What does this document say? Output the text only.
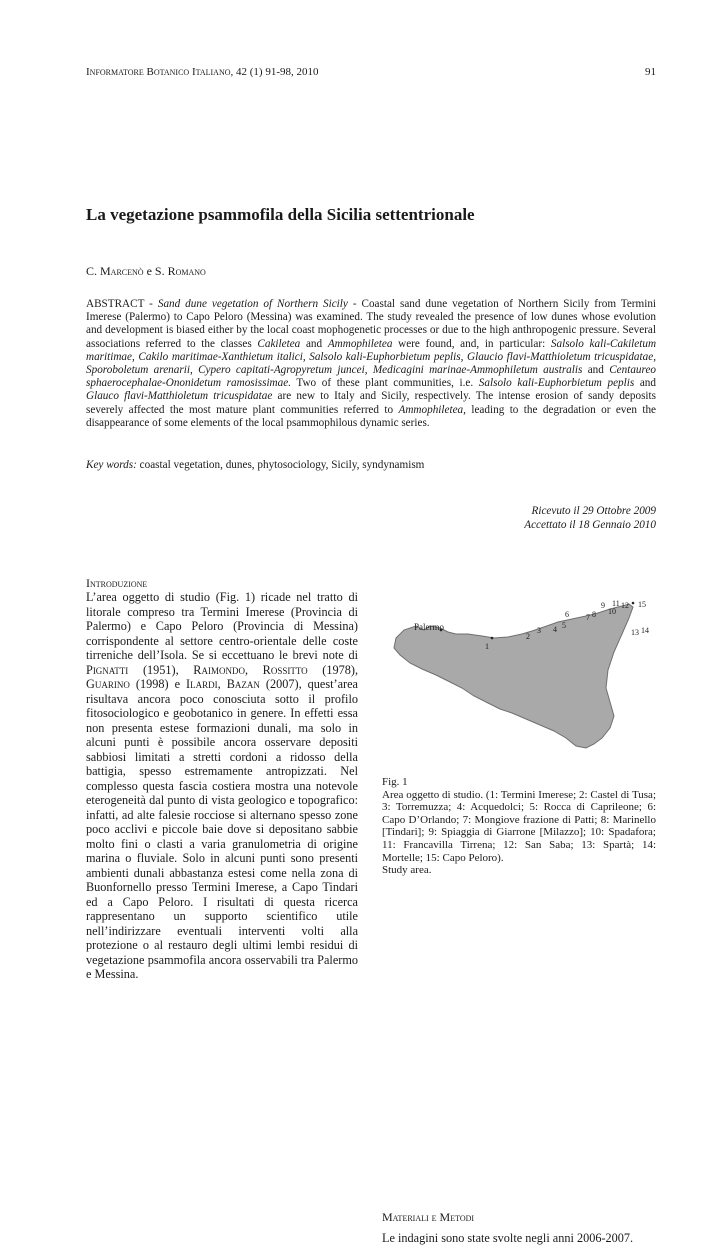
Informatore Botanico Italiano, 42 (1) 91-98, 2010	91
La vegetazione psammofila della Sicilia settentrionale
C. Marcenò e S. Romano
ABSTRACT - Sand dune vegetation of Northern Sicily - Coastal sand dune vegetation of Northern Sicily from Termini Imerese (Palermo) to Capo Peloro (Messina) was examined. The study revealed the presence of low dunes whose evolution and development is biased either by the local coast mophogenetic processes or due to the high anthropogenic pressure. Several associations referred to the classes Cakiletea and Ammophiletea were found, and, in particular: Salsolo kali-Cakiletum maritimae, Cakilo maritimae-Xanthietum italici, Salsolo kali-Euphorbietum peplis, Glaucio flavi-Matthioletum tricuspidatae, Sporoboletum arenarii, Cypero capitati-Agropyretum juncei, Medicagini marinae-Ammophiletum australis and Centaureo sphaerocephalae-Ononidetum ramosissimae. Two of these plant communities, i.e. Salsolo kali-Euphorbietum peplis and Glauco flavi-Matthioletum tricuspidatae are new to Italy and Sicily, respectively. The intense erosion of sandy deposits severely affected the most mature plant communities referred to Ammophiletea, leading to the degradation or even the disappearance of some elements of the local psammophilous dynamic series.
Key words: coastal vegetation, dunes, phytosociology, Sicily, syndynamism
Ricevuto il 29 Ottobre 2009
Accettato il 18 Gennaio 2010
Introduzione
L’area oggetto di studio (Fig. 1) ricade nel tratto di litorale compreso tra Termini Imerese (Provincia di Palermo) e Capo Peloro (Provincia di Messina) corrispondente al settore centro-orientale delle coste tirreniche dell’Isola. Se si eccettuano le brevi note di Pignatti (1951), Raimondo, Rossitto (1978), Guarino (1998) e Ilardi, Bazan (2007), quest’area risultava ancora poco conosciuta sotto il profilo fitosociologico e geobotanico in genere. In effetti essa non presenta estese formazioni dunali, ma solo in alcuni punti è possibile ancora osservare depositi sabbiosi limitati a stretti cordoni a ridosso della battigia, spesso estremamente antropizzati. Nel complesso questa fascia costiera mostra una notevole eterogeneità dal punto di vista geologico e topografico: infatti, ad alte falesie rocciose si alternano spesso zone poco acclivi e piccole baie dove si depositano sabbie molto fini o clasti a varia granulometria di origine marina o fluviale. Solo in alcuni punti sono presenti ambienti dunali abbastanza estesi come nella zona di Buonfornello presso Termini Imerese, a Capo Tindari ed a Capo Peloro. I risultati di questa ricerca rappresentano un supporto scientifico utile nell’indirizzare eventuali interventi volti alla protezione o al restauro degli ultimi lembi residui di vegetazione psammofila ancora osservabili tra Palermo e Messina.
Palermo
1
2
3 4 5
6 7 8
9
10
11 12 15
13 14
Fig. 1
Area oggetto di studio. (1: Termini Imerese; 2: Castel di Tusa; 3: Torremuzza; 4: Acquedolci; 5: Rocca di Caprileone; 6: Capo D’Orlando; 7: Mongiove frazione di Patti; 8: Marinello [Tindari]; 9: Spiaggia di Giarrone [Milazzo]; 10: Spadafora; 11: Francavilla Tirrena; 12: San Saba; 13: Spartà; 14: Mortelle; 15: Capo Peloro).
Study area.
Materiali e Metodi
Le indagini sono state svolte negli anni 2006-2007.
